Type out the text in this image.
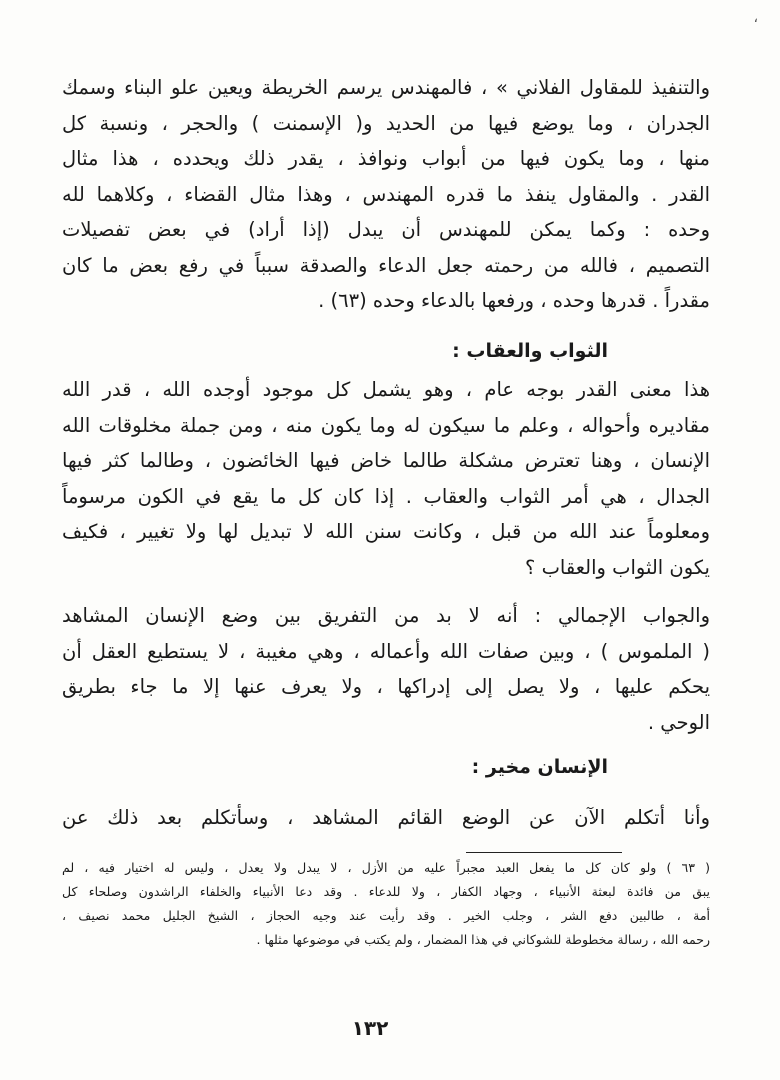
،
والتنفيذ للمقاول الفلاني » ، فالمهندس يرسم الخريطة ويعين علو البناء وسمك
الجدران ، وما يوضع فيها من الحديد و( الإسمنت ) والحجر ، ونسبة كل
منها ، وما يكون فيها من أبواب ونوافذ ، يقدر ذلك ويحدده ، هذا مثال
القدر . والمقاول ينفذ ما قدره المهندس ، وهذا مثال القضاء ، وكلاهما لله
وحده : وكما يمكن للمهندس أن يبدل (إذا أراد) في بعض تفصيلات
التصميم ، فالله من رحمته جعل الدعاء والصدقة سبباً في رفع بعض ما كان
مقدراً . قدرها وحده ، ورفعها بالدعاء وحده (٦٣) .
الثواب والعقاب :
هذا معنى القدر بوجه عام ، وهو يشمل كل موجود أوجده الله ، قدر الله
مقاديره وأحواله ، وعلم ما سيكون له وما يكون منه ، ومن جملة مخلوقات الله
الإنسان ، وهنا تعترض مشكلة طالما خاض فيها الخائضون ، وطالما كثر فيها
الجدال ، هي أمر الثواب والعقاب . إذا كان كل ما يقع في الكون مرسوماً
ومعلوماً عند الله من قبل ، وكانت سنن الله لا تبديل لها ولا تغيير ، فكيف
يكون الثواب والعقاب ؟
والجواب الإجمالي : أنه لا بد من التفريق بين وضع الإنسان المشاهد
( الملموس ) ، وبين صفات الله وأعماله ، وهي مغيبة ، لا يستطيع العقل أن
يحكم عليها ، ولا يصل إلى إدراكها ، ولا يعرف عنها إلا ما جاء بطريق
الوحي .
الإنسان مخير :
وأنا أتكلم الآن عن الوضع القائم المشاهد ، وسأتكلم بعد ذلك عن
( ٦٣ ) ولو كان كل ما يفعل العبد مجبراً عليه من الأزل ، لا يبدل ولا يعدل ، وليس له اختيار فيه ، لم
يبق من فائدة لبعثة الأنبياء ، وجهاد الكفار ، ولا للدعاء . وقد دعا الأنبياء والخلفاء الراشدون وصلحاء كل
أمة ، طالبين دفع الشر ، وجلب الخير . وقد رأيت عند وجيه الحجاز ، الشيخ الجليل محمد نصيف ،
رحمه الله ، رسالة مخطوطة للشوكاني في هذا المضمار ، ولم يكتب في موضوعها مثلها .
١٣٢
